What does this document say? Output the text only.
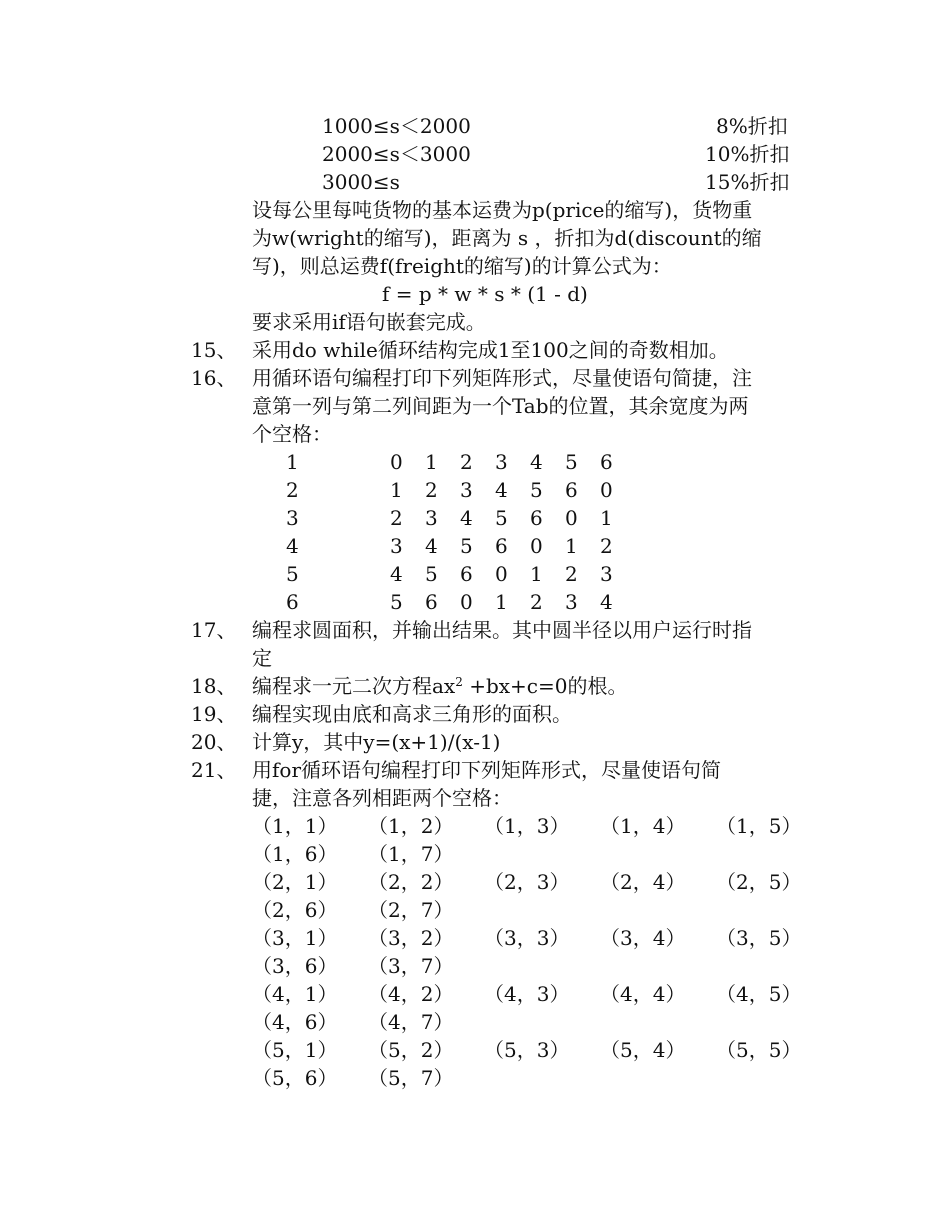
1000≤s＜2000	8%折扣
2000≤s＜3000	10%折扣
3000≤s	15%折扣
设每公里每吨货物的基本运费为p(price的缩写)，货物重
为w(wright的缩写)，距离为 s ，折扣为d(discount的缩
写)，则总运费f(freight的缩写)的计算公式为：
f = p * w * s * (1 - d)
要求采用if语句嵌套完成。
15、 采用do while循环结构完成1至100之间的奇数相加。
16、 用循环语句编程打印下列矩阵形式，尽量使语句简捷，注
意第一列与第二列间距为一个Tab的位置，其余宽度为两
个空格：
1	0 1 2 3 4 5 6
2	1 2 3 4 5 6 0
3	2 3 4 5 6 0 1
4	3 4 5 6 0 1 2
5	4 5 6 0 1 2 3
6	5 6 0 1 2 3 4
17、 编程求圆面积，并输出结果。其中圆半径以用户运行时指
定
18、 编程求一元二次方程$ax^2 +bx+c=0$的根。
19、 编程实现由底和高求三角形的面积。
20、 计算y，其中y=(x+1)/(x-1)
21、 用for循环语句编程打印下列矩阵形式，尽量使语句简
捷，注意各列相距两个空格：
（1，1） （1，2） （1，3） （1，4） （1，5）
（1，6） （1，7）
（2，1） （2，2） （2，3） （2，4） （2，5）
（2，6） （2，7）
（3，1） （3，2） （3，3） （3，4） （3，5）
（3，6） （3，7）
（4，1） （4，2） （4，3） （4，4） （4，5）
（4，6） （4，7）
（5，1） （5，2） （5，3） （5，4） （5，5）
（5，6） （5，7）
